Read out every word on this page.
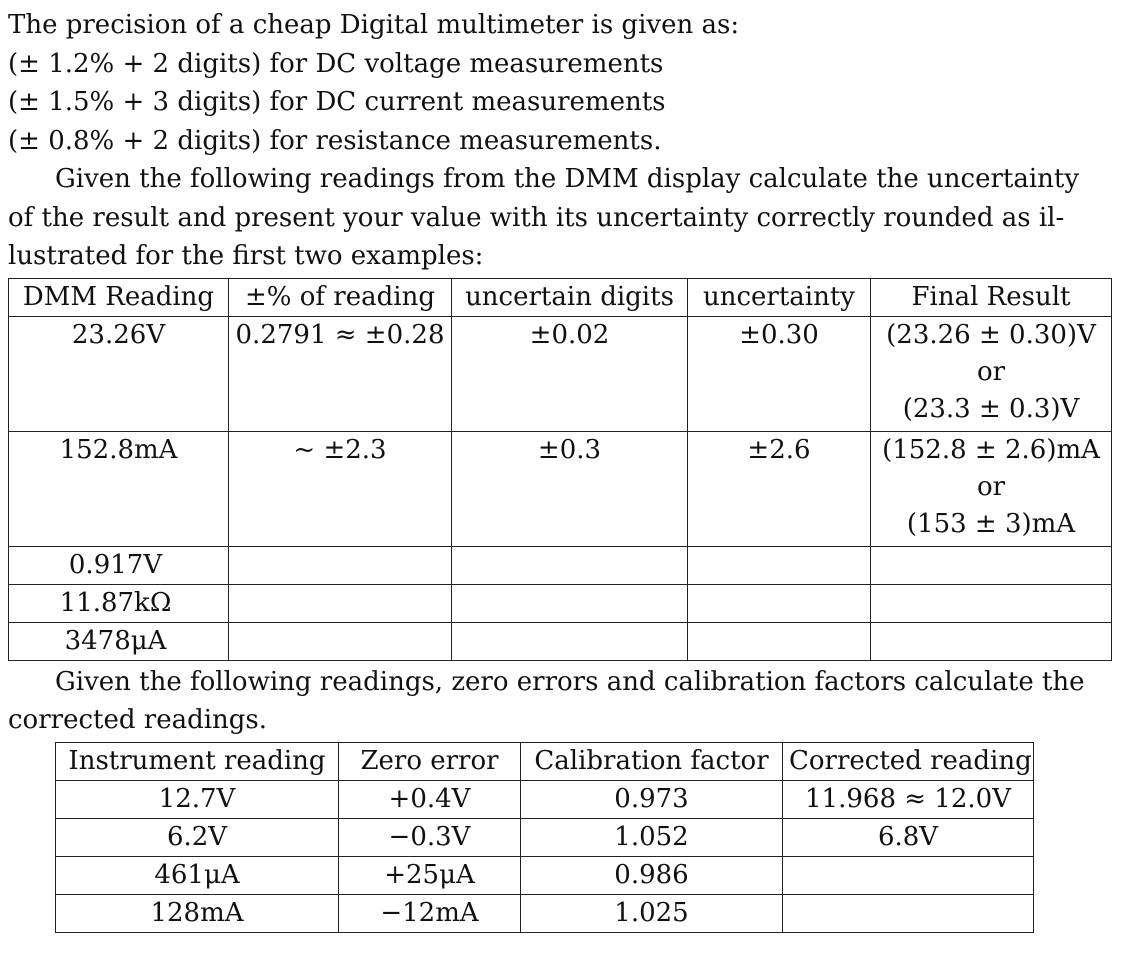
The precision of a cheap Digital multimeter is given as:
(± 1.2% + 2 digits) for DC voltage measurements
(± 1.5% + 3 digits) for DC current measurements
(± 0.8% + 2 digits) for resistance measurements.
Given the following readings from the DMM display calculate the uncertainty
of the result and present your value with its uncertainty correctly rounded as il-
lustrated for the first two examples:
DMM Reading	±% of reading	uncertain digits	uncertainty	Final Result
23.26V	0.2791 ≈ ±0.28	±0.02	±0.30	(23.26 ± 0.30)V
or
(23.3 ± 0.3)V

152.8mA	~ ±2.3	±0.3	±2.6	(152.8 ± 2.6)mA
or
(153 ± 3)mA

0.917V				
11.87kΩ				
3478μA				
Given the following readings, zero errors and calibration factors calculate the
corrected readings.
Instrument reading	Zero error	Calibration factor	Corrected reading
12.7V	+0.4V	0.973	11.968 ≈ 12.0V
6.2V	−0.3V	1.052	6.8V
461μA	+25μA	0.986	
128mA	−12mA	1.025	
